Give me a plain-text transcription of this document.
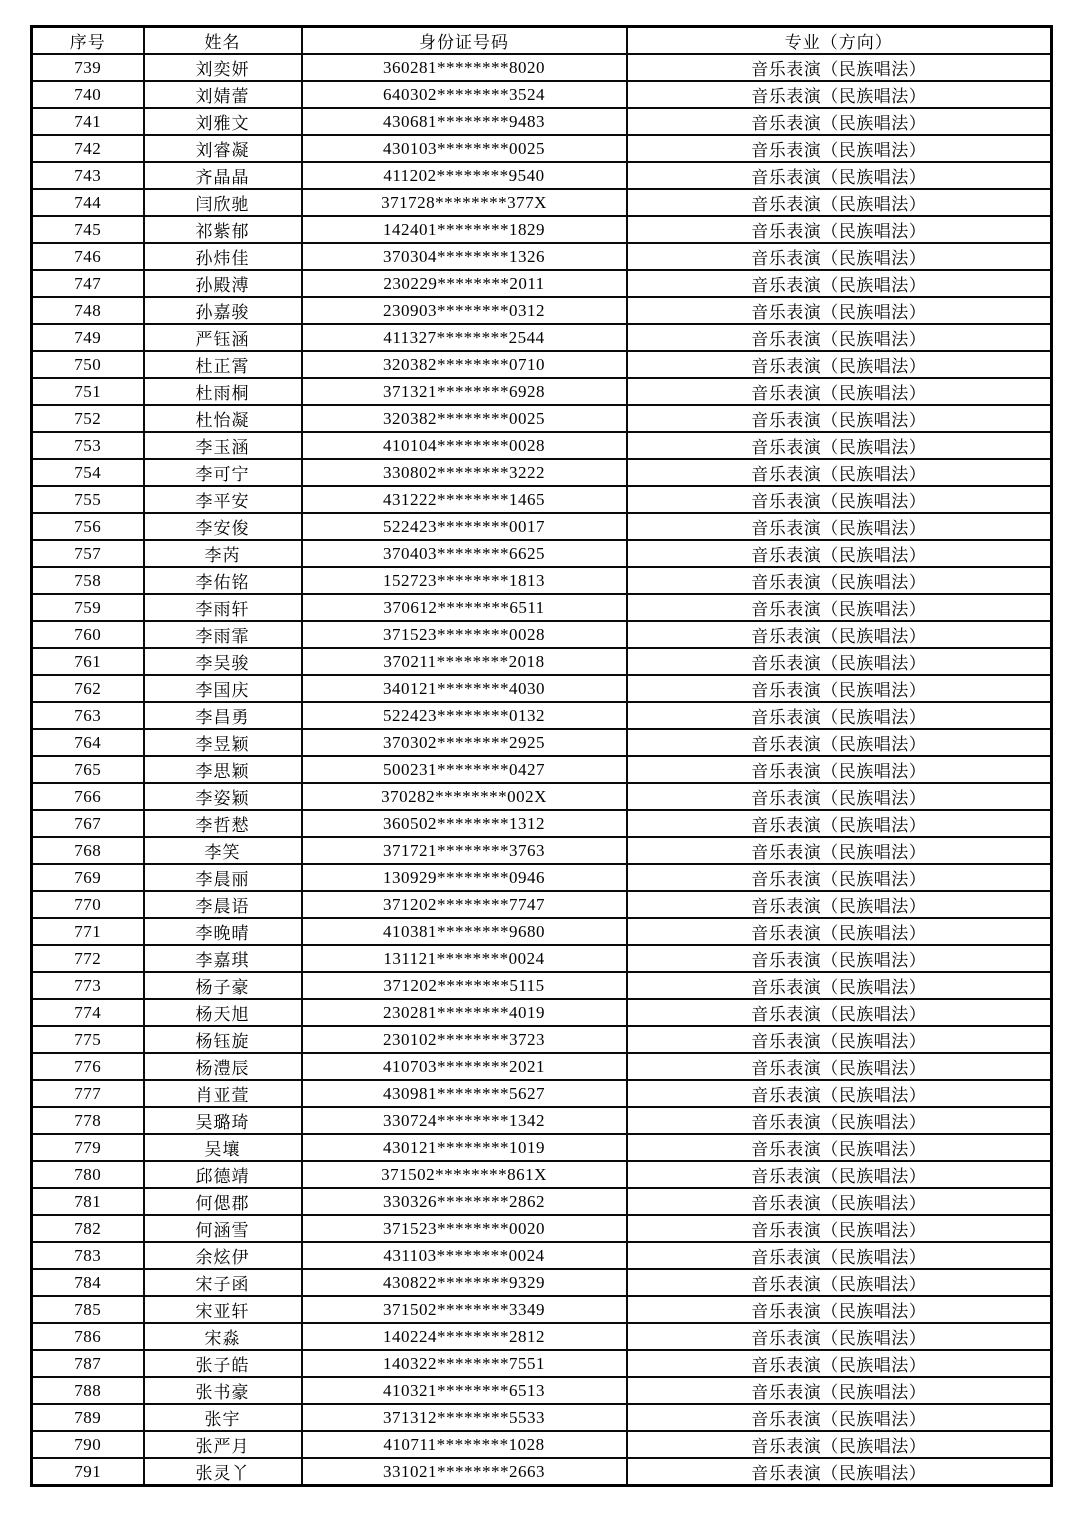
序号	姓名	身份证号码	专业（方向）
739	刘奕妍	360281********8020	音乐表演（民族唱法）
740	刘婧蕾	640302********3524	音乐表演（民族唱法）
741	刘雅文	430681********9483	音乐表演（民族唱法）
742	刘睿凝	430103********0025	音乐表演（民族唱法）
743	齐晶晶	411202********9540	音乐表演（民族唱法）
744	闫欣驰	371728********377X	音乐表演（民族唱法）
745	祁紫郁	142401********1829	音乐表演（民族唱法）
746	孙炜佳	370304********1326	音乐表演（民族唱法）
747	孙殿溥	230229********2011	音乐表演（民族唱法）
748	孙嘉骏	230903********0312	音乐表演（民族唱法）
749	严钰涵	411327********2544	音乐表演（民族唱法）
750	杜正霄	320382********0710	音乐表演（民族唱法）
751	杜雨桐	371321********6928	音乐表演（民族唱法）
752	杜怡凝	320382********0025	音乐表演（民族唱法）
753	李玉涵	410104********0028	音乐表演（民族唱法）
754	李可宁	330802********3222	音乐表演（民族唱法）
755	李平安	431222********1465	音乐表演（民族唱法）
756	李安俊	522423********0017	音乐表演（民族唱法）
757	李芮	370403********6625	音乐表演（民族唱法）
758	李佑铭	152723********1813	音乐表演（民族唱法）
759	李雨轩	370612********6511	音乐表演（民族唱法）
760	李雨霏	371523********0028	音乐表演（民族唱法）
761	李吴骏	370211********2018	音乐表演（民族唱法）
762	李国庆	340121********4030	音乐表演（民族唱法）
763	李昌勇	522423********0132	音乐表演（民族唱法）
764	李昱颖	370302********2925	音乐表演（民族唱法）
765	李思颖	500231********0427	音乐表演（民族唱法）
766	李姿颖	370282********002X	音乐表演（民族唱法）
767	李哲慭	360502********1312	音乐表演（民族唱法）
768	李笑	371721********3763	音乐表演（民族唱法）
769	李晨丽	130929********0946	音乐表演（民族唱法）
770	李晨语	371202********7747	音乐表演（民族唱法）
771	李晚晴	410381********9680	音乐表演（民族唱法）
772	李嘉琪	131121********0024	音乐表演（民族唱法）
773	杨子豪	371202********5115	音乐表演（民族唱法）
774	杨天旭	230281********4019	音乐表演（民族唱法）
775	杨钰旋	230102********3723	音乐表演（民族唱法）
776	杨澧辰	410703********2021	音乐表演（民族唱法）
777	肖亚萱	430981********5627	音乐表演（民族唱法）
778	吴璐琦	330724********1342	音乐表演（民族唱法）
779	吴壤	430121********1019	音乐表演（民族唱法）
780	邱德靖	371502********861X	音乐表演（民族唱法）
781	何偲郡	330326********2862	音乐表演（民族唱法）
782	何涵雪	371523********0020	音乐表演（民族唱法）
783	余炫伊	431103********0024	音乐表演（民族唱法）
784	宋子函	430822********9329	音乐表演（民族唱法）
785	宋亚轩	371502********3349	音乐表演（民族唱法）
786	宋淼	140224********2812	音乐表演（民族唱法）
787	张子皓	140322********7551	音乐表演（民族唱法）
788	张书豪	410321********6513	音乐表演（民族唱法）
789	张宇	371312********5533	音乐表演（民族唱法）
790	张严月	410711********1028	音乐表演（民族唱法）
791	张灵丫	331021********2663	音乐表演（民族唱法）
